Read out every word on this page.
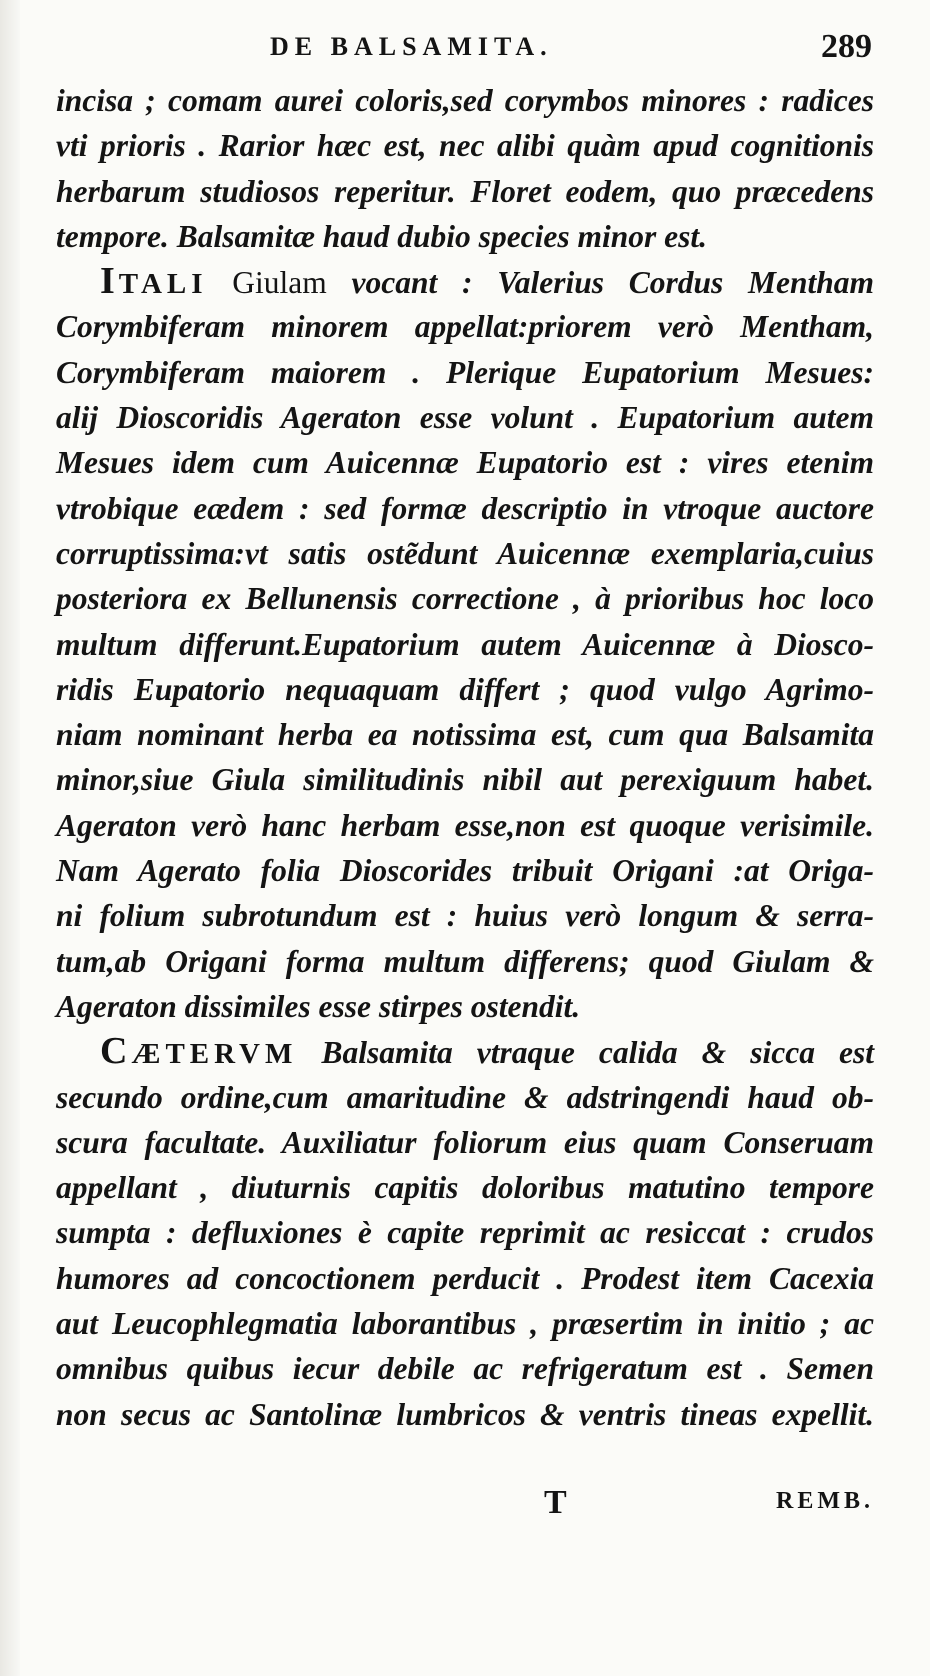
DE BALSAMITA.	289
incisa ; comam aurei coloris,sed corymbos minores : radices
vti prioris . Rarior hæc est, nec alibi quàm apud cognitionis
herbarum studiosos reperitur. Floret eodem, quo præcedens
tempore. Balsamitæ haud dubio species minor est.
ITALI Giulam vocant : Valerius Cordus Mentham
Corymbiferam minorem appellat:priorem verò Mentham,
Corymbiferam maiorem . Plerique Eupatorium Mesues:
alij Dioscoridis Ageraton esse volunt . Eupatorium autem
Mesues idem cum Auicennæ Eupatorio est : vires etenim
vtrobique eædem : sed formæ descriptio in vtroque auctore
corruptissima:vt satis ostẽdunt Auicennæ exemplaria,cuius
posteriora ex Bellunensis correctione , à prioribus hoc loco
multum differunt.Eupatorium autem Auicennæ à Diosco-
ridis Eupatorio nequaquam differt ; quod vulgo Agrimo-
niam nominant herba ea notissima est, cum qua Balsamita
minor,siue Giula similitudinis nibil aut perexiguum habet.
Ageraton verò hanc herbam esse,non est quoque verisimile.
Nam Agerato folia Dioscorides tribuit Origani :at Origa-
ni folium subrotundum est : huius verò longum & serra-
tum,ab Origani forma multum differens; quod Giulam &
Ageraton dissimiles esse stirpes ostendit.
CÆTERVM Balsamita vtraque calida & sicca est
secundo ordine,cum amaritudine & adstringendi haud ob-
scura facultate. Auxiliatur foliorum eius quam Conseruam
appellant , diuturnis capitis doloribus matutino tempore
sumpta : defluxiones è capite reprimit ac resiccat : crudos
humores ad concoctionem perducit . Prodest item Cacexia
aut Leucophlegmatia laborantibus , præsertim in initio ; ac
omnibus quibus iecur debile ac refrigeratum est . Semen
non secus ac Santolinæ lumbricos & ventris tineas expellit.
T	REMB.
